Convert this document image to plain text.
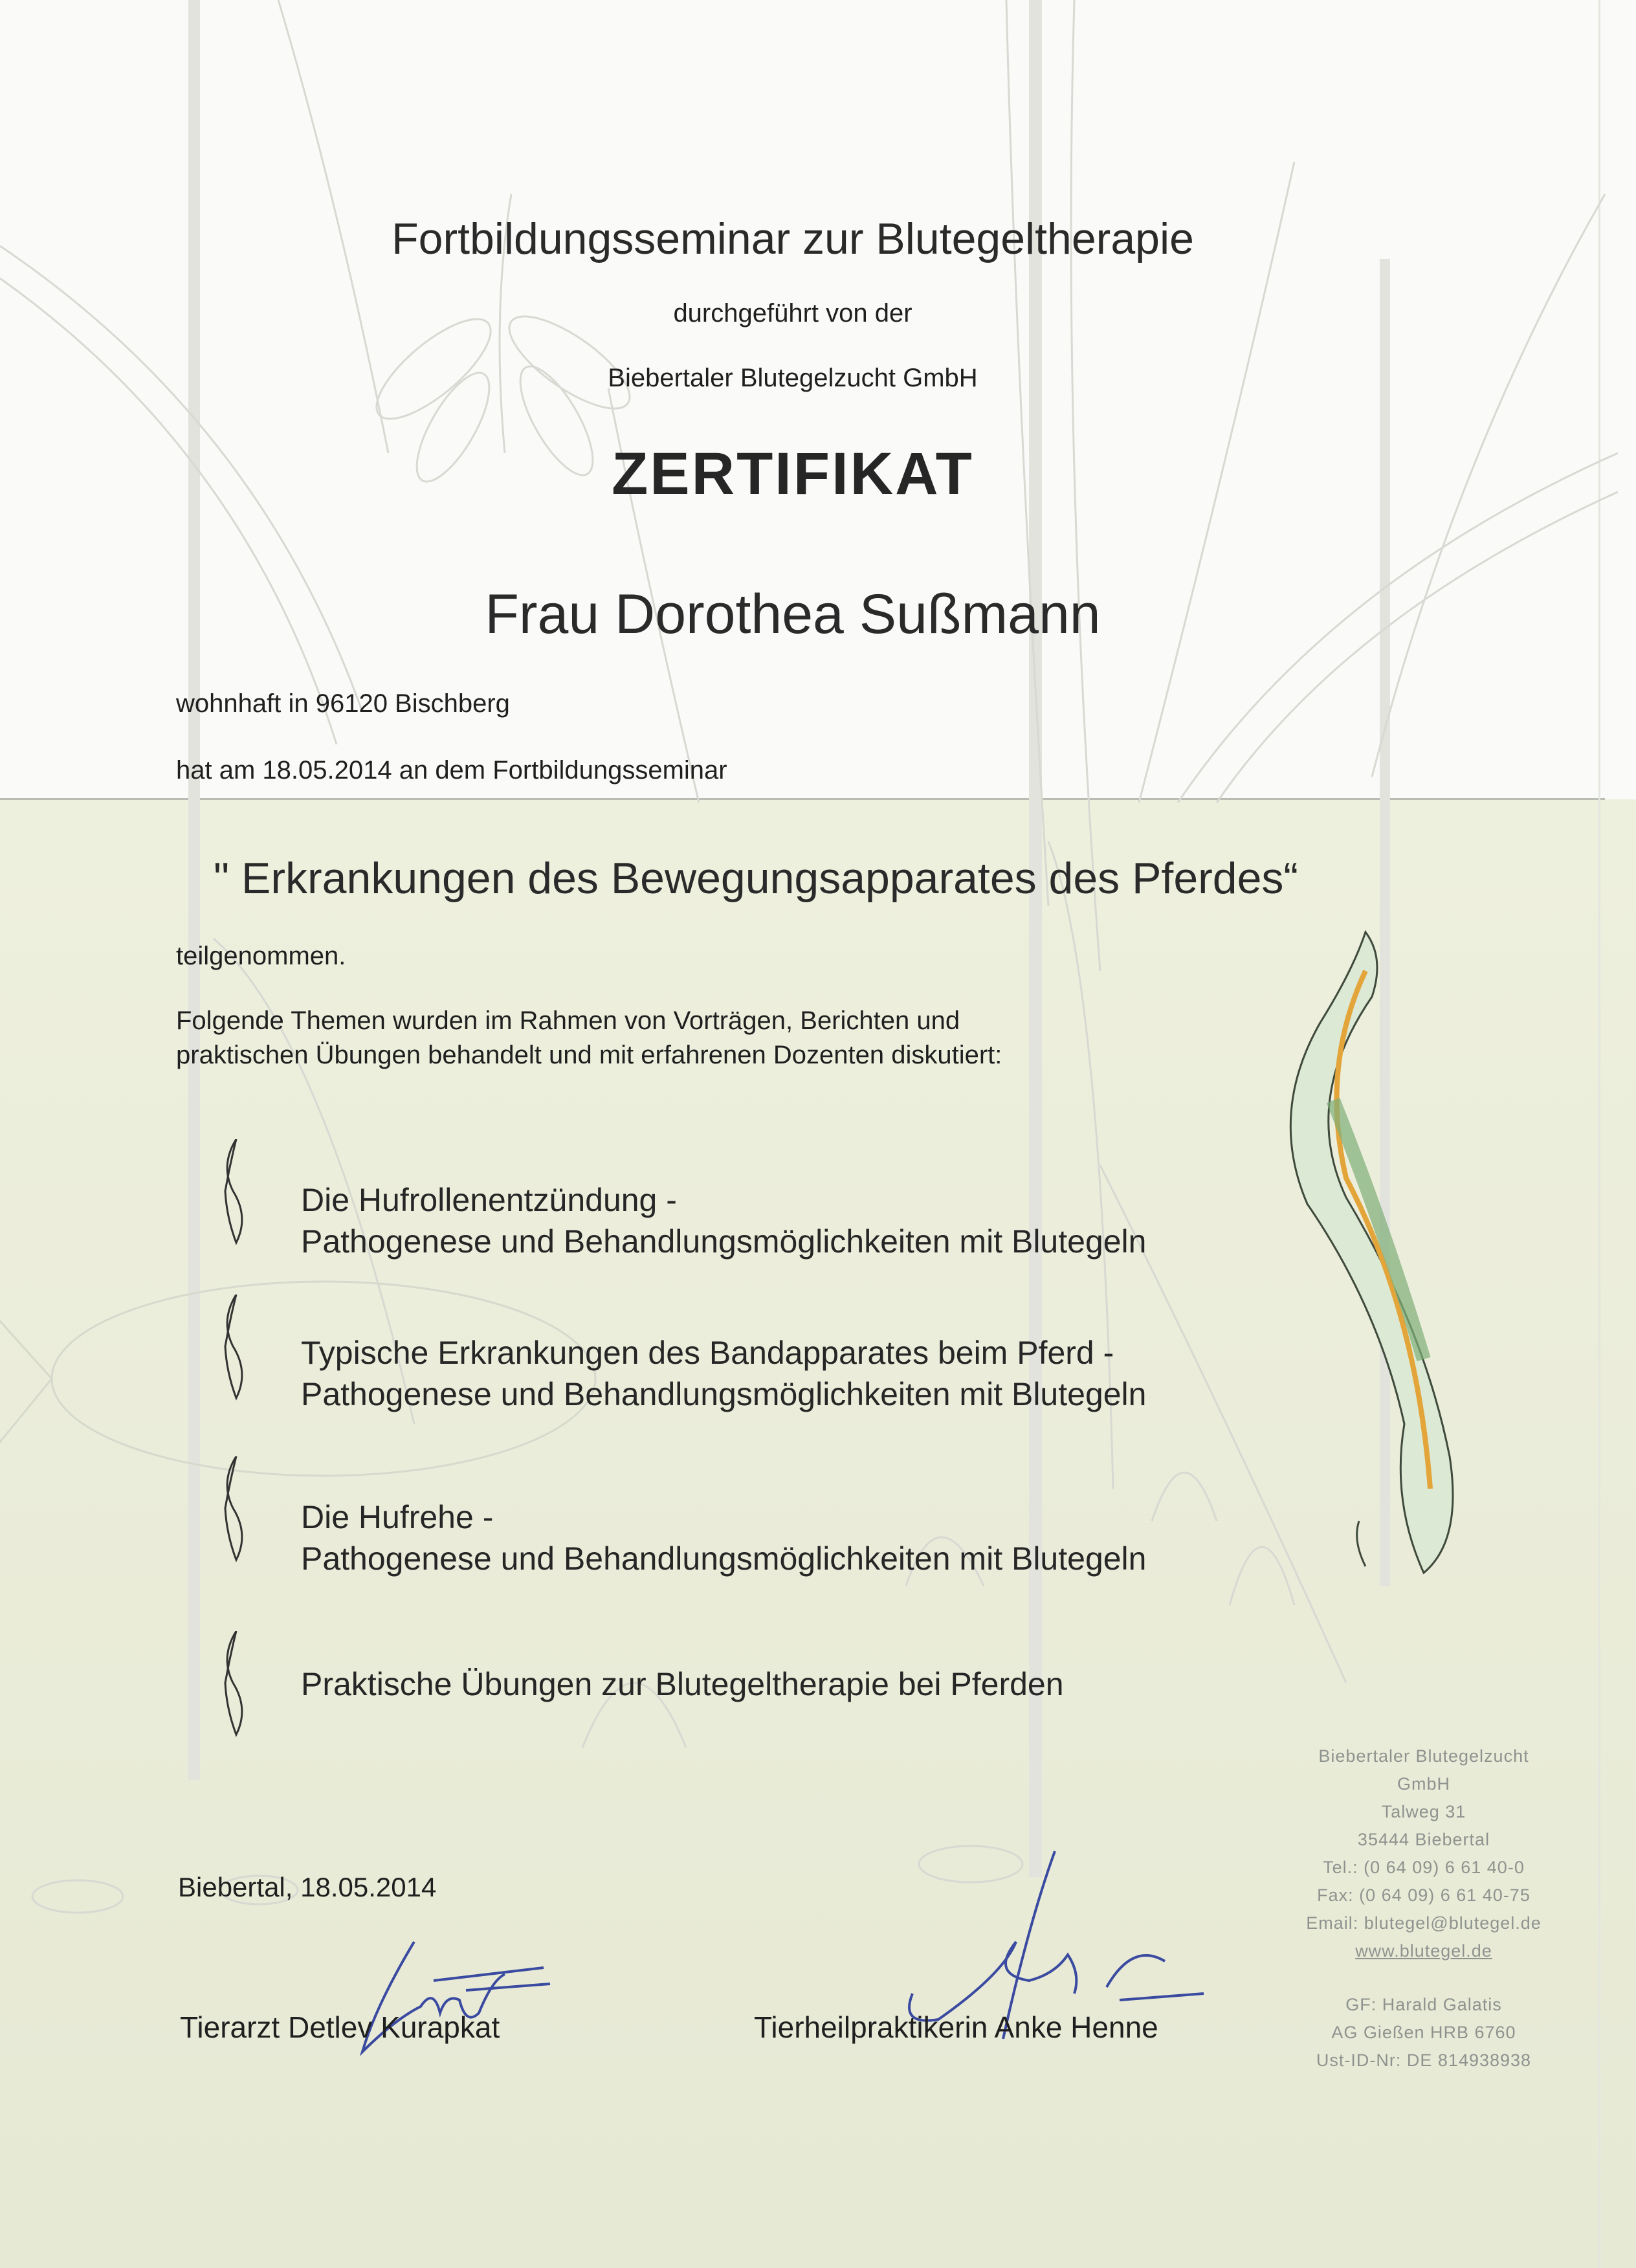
Fortbildungsseminar zur Blutegeltherapie
durchgeführt von der
Biebertaler Blutegelzucht GmbH
ZERTIFIKAT
Frau Dorothea Sußmann
wohnhaft in 96120 Bischberg
hat am 18.05.2014 an dem Fortbildungsseminar
" Erkrankungen des Bewegungsapparates des Pferdes“
teilgenommen.
Folgende Themen wurden im Rahmen von Vorträgen, Berichten und
praktischen Übungen behandelt und mit erfahrenen Dozenten diskutiert:
Die Hufrollenentzündung -
Pathogenese und Behandlungsmöglichkeiten mit Blutegeln
Typische Erkrankungen des Bandapparates beim Pferd -
Pathogenese und Behandlungsmöglichkeiten mit Blutegeln
Die Hufrehe -
Pathogenese und Behandlungsmöglichkeiten mit Blutegeln
Praktische Übungen zur Blutegeltherapie bei Pferden
Biebertaler Blutegelzucht
GmbH
Talweg 31
35444 Biebertal
Tel.: (0 64 09) 6 61 40-0
Fax: (0 64 09) 6 61 40-75
Email: blutegel@blutegel.de
www.blutegel.de
GF: Harald Galatis
AG Gießen HRB 6760
Ust-ID-Nr: DE 814938938
Biebertal, 18.05.2014
Tierarzt Detlev Kurapkat	Tierheilpraktikerin Anke Henne
